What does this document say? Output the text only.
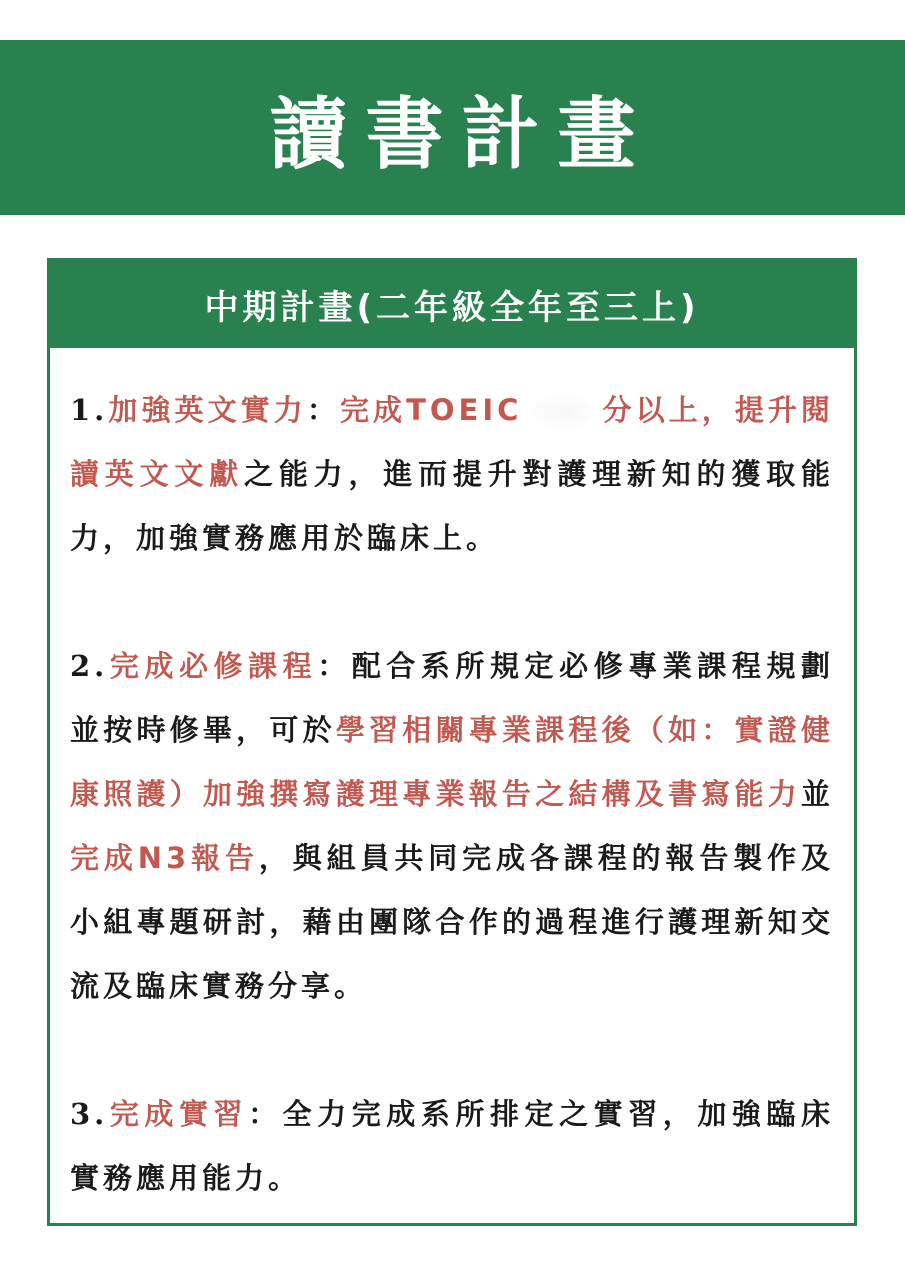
讀書計畫
中期計畫(二年級全年至三上)

1.加強英文實力：完成TOEIC	分以上，提升閱讀英文文獻之能力，進而提升對護理新知的獲取能力，加強實務應用於臨床上。

2.完成必修課程：配合系所規定必修專業課程規劃並按時修畢，可於學習相關專業課程後（如：實證健康照護）加強撰寫護理專業報告之結構及書寫能力並完成N3報告，與組員共同完成各課程的報告製作及小組專題研討，藉由團隊合作的過程進行護理新知交流及臨床實務分享。

3.完成實習：全力完成系所排定之實習，加強臨床實務應用能力。
